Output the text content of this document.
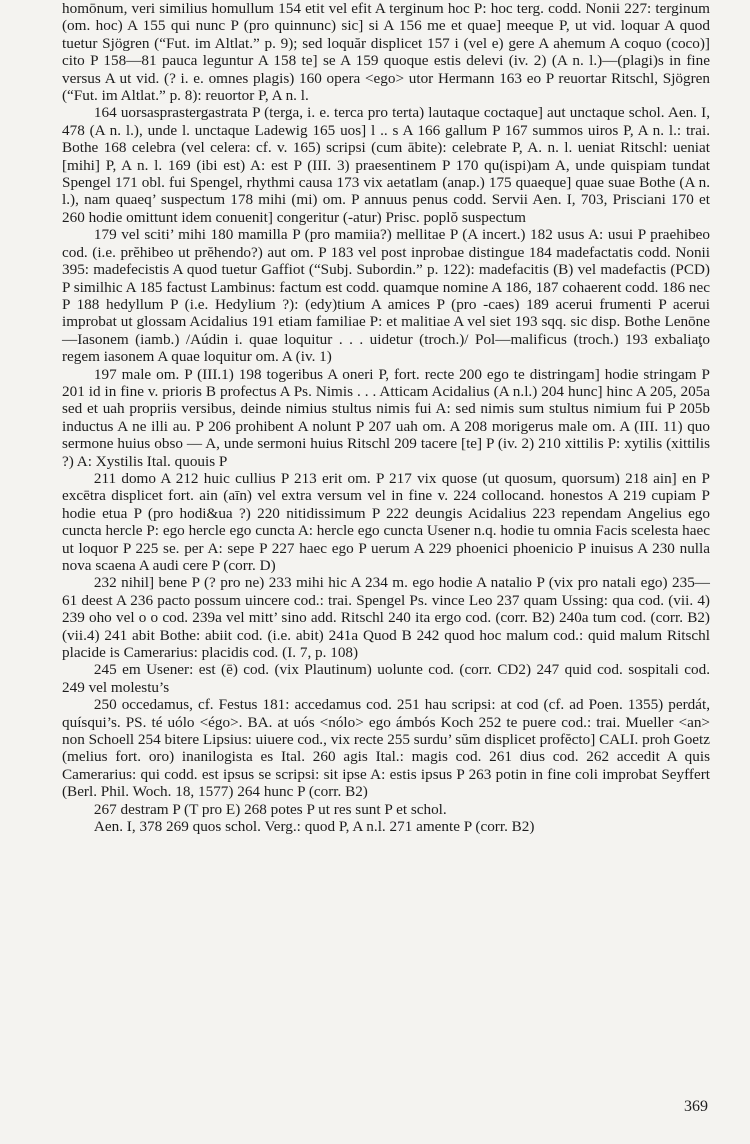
homōnum, veri similius homullum 154 etit vel efit A terginum hoc P: hoc terg. codd. Nonii 227: terginum (om. hoc) A 155 qui nunc P (pro quinnunc) sic] si A 156 me et quae] meeque P, ut vid. loquar A quod tuetur Sjögren (“Fut. im Altlat.” p. 9); sed loquăr displicet 157 i (vel e) gere A ahemum A coquo (coco)] cito P 158—81 pauca leguntur A 158 te] se A 159 quoque estis delevi (iv. 2) (A n. l.)—(plagi)s in fine versus A ut vid. (? i. e. omnes plagis) 160 opera <ego> utor Hermann 163 eo P reuortar Ritschl, Sjögren (“Fut. im Altlat.” p. 8): reuortor P, A n. l.

164 uorsasprastergastrata P (terga, i. e. terca pro terta) lautaque coctaque] aut unctaque schol. Aen. I, 478 (A n. l.), unde l. unctaque Ladewig 165 uos] l .. s A 166 gallum P 167 summos uiros P, A n. l.: trai. Bothe 168 celebra (vel celera: cf. v. 165) scripsi (cum ābite): celebrate P, A. n. l. ueniat Ritschl: ueniat [mihi] P, A n. l. 169 (ibi est) A: est P (III. 3) praesentinem P 170 qu(ispi)am A, unde quispiam tundat Spengel 171 obl. fui Spengel, rhythmi causa 173 vix aetatlam (anap.) 175 quaeque] quae suae Bothe (A n. l.), nam quaeq’ suspectum 178 mihi (mi) om. P annuus penus codd. Servii Aen. I, 703, Prisciani 170 et 260 hodie omittunt idem conuenit] congeritur (-atur) Prisc. poplŏ suspectum

179 vel sciti’ mihi 180 mamilla P (pro mamiia?) mellitae P (A incert.) 182 usus A: usui P praehibeo cod. (i.e. prĕhibeo ut prĕhendo?) aut om. P 183 vel post inprobae distingue 184 madefactatis codd. Nonii 395: madefecistis A quod tuetur Gaffiot (“Subj. Subordin.” p. 122): madefacitis (B) vel madefactis (PCD) P similhic A 185 factust Lambinus: factum est codd. quamque nomine A 186, 187 cohaerent codd. 186 nec P 188 hedyllum P (i.e. Hedylium ?): (edy)tium A amices P (pro -caes) 189 acerui frumenti P acerui improbat ut glossam Acidalius 191 etiam familiae P: et malitiae A vel siet 193 sqq. sic disp. Bothe Lenōne—Iasonem (iamb.) /Aúdin i. quae loquitur . . . uidetur (troch.)/ Pol—malificus (troch.) 193 exbaliaţo regem iasonem A quae loquitur om. A (iv. 1)

197 male om. P (III.1) 198 togeribus A oneri P, fort. recte 200 ego te distringam] hodie stringam P 201 id in fine v. prioris B profectus A Ps. Nimis . . . Atticam Acidalius (A n.l.) 204 hunc] hinc A 205, 205a sed et uah propriis versibus, deinde nimius stultus nimis fui A: sed nimis sum stultus nimium fui P 205b inductus A ne illi au. P 206 prohibent A nolunt P 207 uah om. A 208 morigerus male om. A (III. 11) quo sermone huius obso — A, unde sermoni huius Ritschl 209 tacere [te] P (iv. 2) 210 xittilis P: xytilis (xittilis ?) A: Xystilis Ital. quouis P

211 domo A 212 huic cullius P 213 erit om. P 217 vix quose (ut quosum, quorsum) 218 ain] en P excētra displicet fort. ain (aīn) vel extra versum vel in fine v. 224 collocand. honestos A 219 cupiam P hodie etua P (pro hodi&ua ?) 220 nitidissimum P 222 deungis Acidalius 223 rependam Angelius ego cuncta hercle P: ego hercle ego cuncta A: hercle ego cuncta Usener n.q. hodie tu omnia Facis scelesta haec ut loquor P 225 se. per A: sepe P 227 haec ego P uerum A 229 phoenici phoenicio P inuisus A 230 nulla nova scaena A audi cere P (corr. D)

232 nihil] bene P (? pro ne) 233 mihi hic A 234 m. ego hodie A natalio P (vix pro natali ego) 235—61 deest A 236 pacto possum uincere cod.: trai. Spengel Ps. vince Leo 237 quam Ussing: qua cod. (vii. 4) 239 oho vel o o cod. 239a vel mitt’ sino add. Ritschl 240 ita ergo cod. (corr. B2) 240a tum cod. (corr. B2) (vii.4) 241 abit Bothe: abiit cod. (i.e. abit) 241a Quod B 242 quod hoc malum cod.: quid malum Ritschl placide is Camerarius: placidis cod. (I. 7, p. 108)

245 em Usener: est (ē) cod. (vix Plautinum) uolunte cod. (corr. CD2) 247 quid cod. sospitali cod. 249 vel molestu’s

250 occedamus, cf. Festus 181: accedamus cod. 251 hau scripsi: at cod (cf. ad Poen. 1355) perdát, quísqui’s. PS. té uólo <égo>. BA. at uós <nólo> ego ámbós Koch 252 te puere cod.: trai. Mueller <an> non Schoell 254 bitere Lipsius: uiuere cod., vix recte 255 surdu’ sŭm displicet profĕcto] CALI. proh Goetz (melius fort. oro) inanilogista es Ital. 260 agis Ital.: magis cod. 261 dius cod. 262 accedit A quis Camerarius: qui codd. est ipsus se scripsi: sit ipse A: estis ipsus P 263 potin in fine coli improbat Seyffert (Berl. Phil. Woch. 18, 1577) 264 hunc P (corr. B2)

267 destram P (T pro E) 268 potes P ut res sunt P et schol.

Aen. I, 378 269 quos schol. Verg.: quod P, A n.l. 271 amente P (corr. B2)

369
